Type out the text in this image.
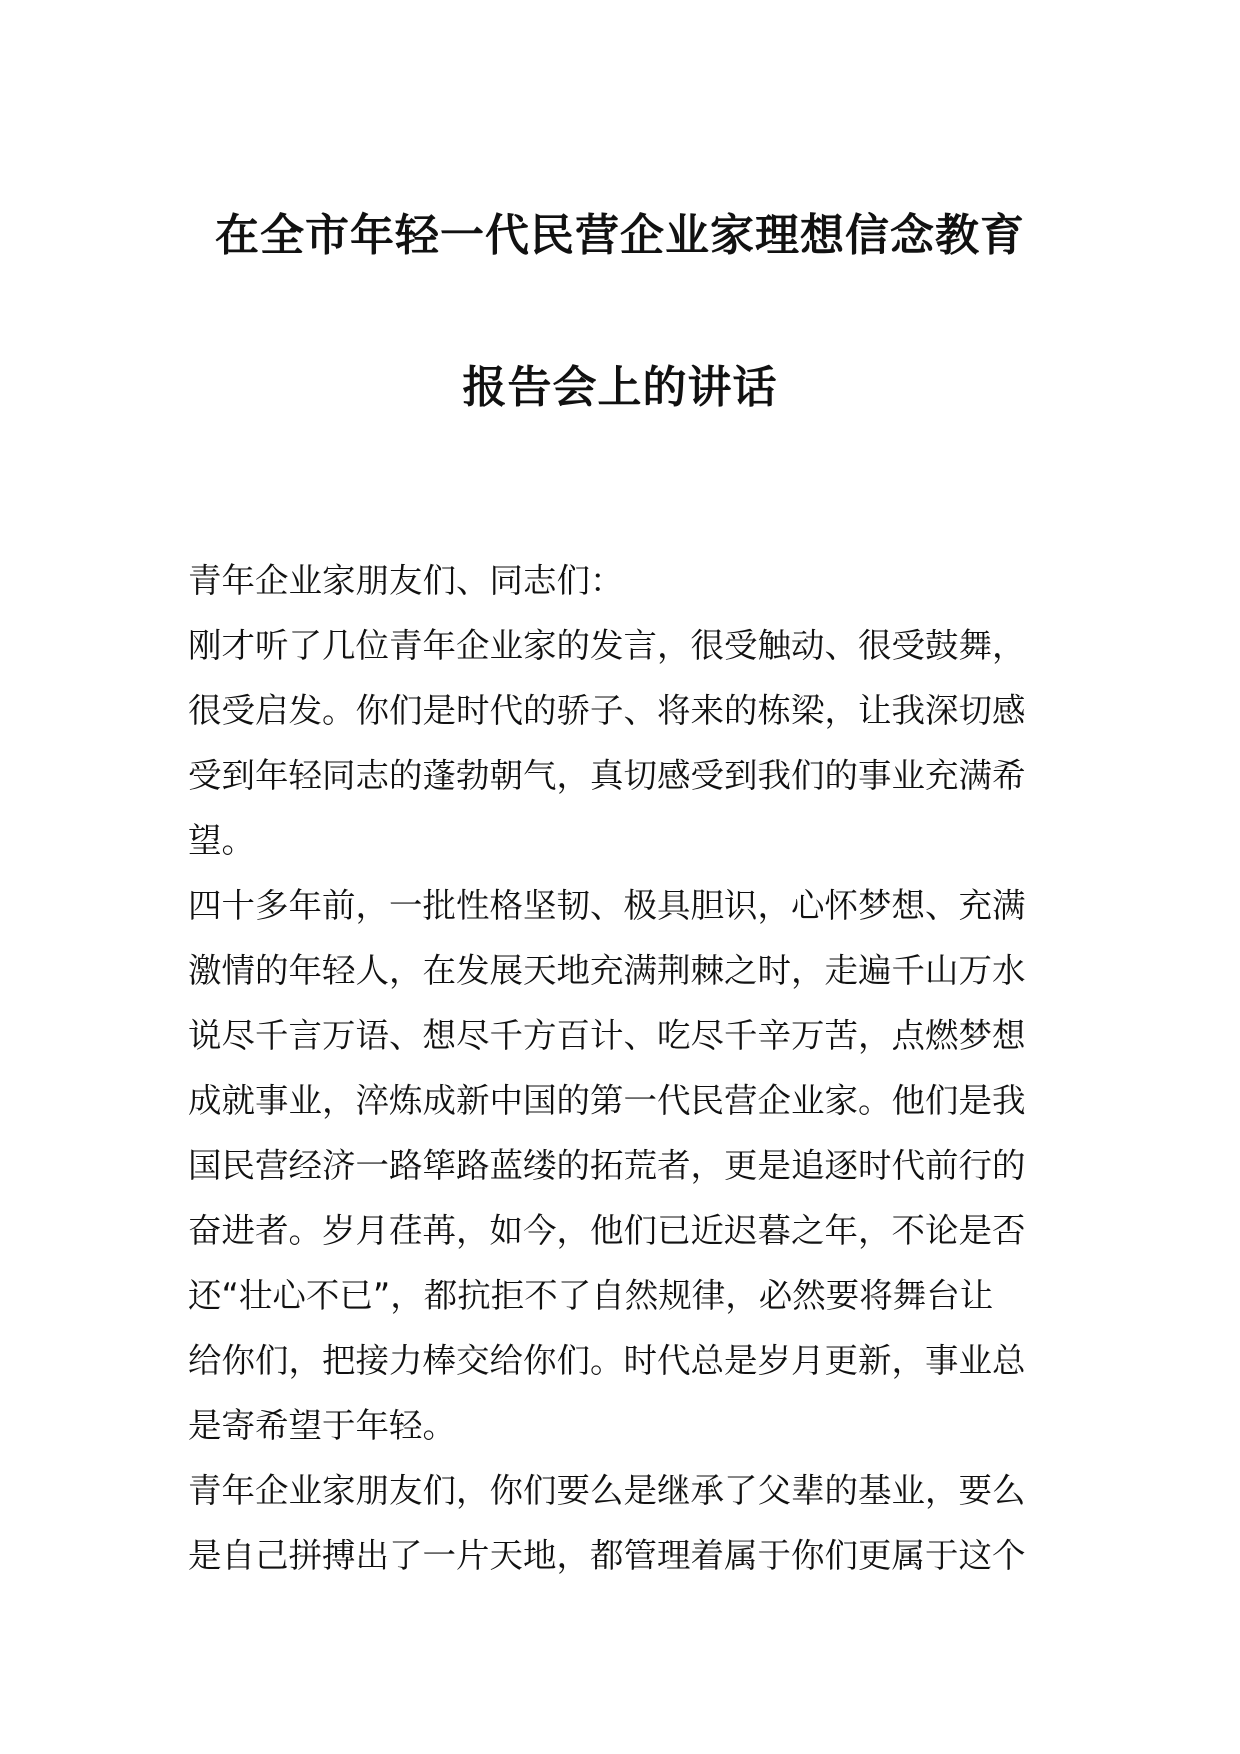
在全市年轻一代民营企业家理想信念教育
报告会上的讲话
青年企业家朋友们、同志们：
刚才听了几位青年企业家的发言，很受触动、很受鼓舞，
很受启发。你们是时代的骄子、将来的栋梁，让我深切感
受到年轻同志的蓬勃朝气，真切感受到我们的事业充满希
望。
四十多年前，一批性格坚韧、极具胆识，心怀梦想、充满
激情的年轻人，在发展天地充满荆棘之时，走遍千山万水
说尽千言万语、想尽千方百计、吃尽千辛万苦，点燃梦想
成就事业，淬炼成新中国的第一代民营企业家。他们是我
国民营经济一路筚路蓝缕的拓荒者，更是追逐时代前行的
奋进者。岁月荏苒，如今，他们已近迟暮之年，不论是否
还“壮心不已”，都抗拒不了自然规律，必然要将舞台让
给你们，把接力棒交给你们。时代总是岁月更新，事业总
是寄希望于年轻。
青年企业家朋友们，你们要么是继承了父辈的基业，要么
是自己拼搏出了一片天地，都管理着属于你们更属于这个
